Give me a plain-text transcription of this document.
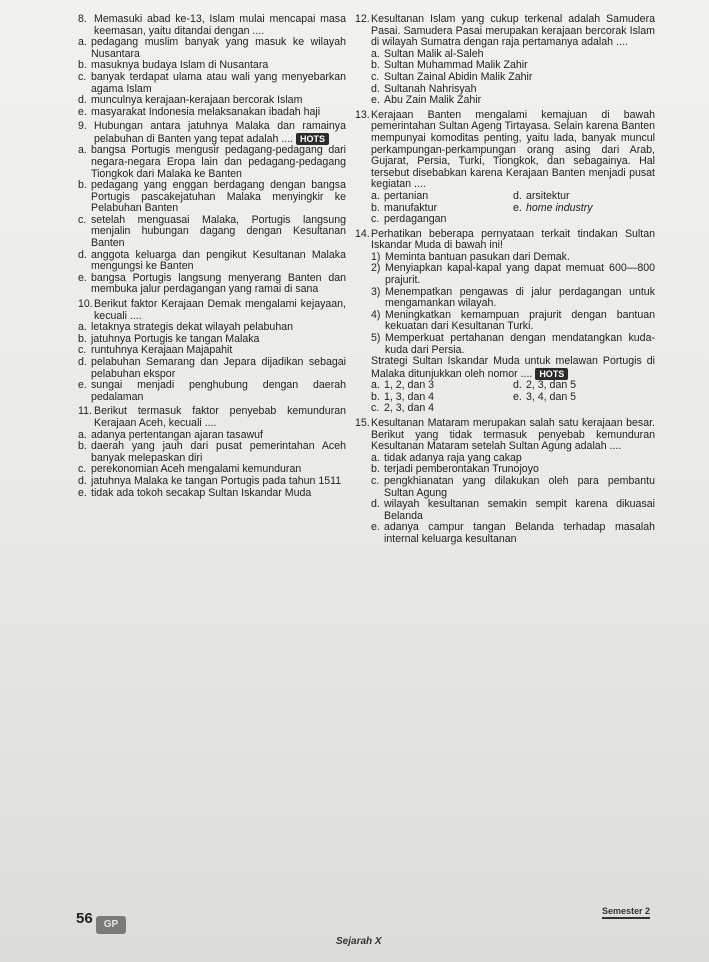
8. Memasuki abad ke-13, Islam mulai mencapai masa keemasan, yaitu ditandai dengan ....
a. pedagang muslim banyak yang masuk ke wilayah Nusantara
b. masuknya budaya Islam di Nusantara
c. banyak terdapat ulama atau wali yang menyebarkan agama Islam
d. munculnya kerajaan-kerajaan bercorak Islam
e. masyarakat Indonesia melaksanakan ibadah haji
9. Hubungan antara jatuhnya Malaka dan ramainya pelabuhan di Banten yang tepat adalah .... HOTS
a. bangsa Portugis mengusir pedagang-pedagang dari negara-negara Eropa lain dan pedagang-pedagang Tiongkok dari Malaka ke Banten
b. pedagang yang enggan berdagang dengan bangsa Portugis pascakejatuhan Malaka menyingkir ke Pelabuhan Banten
c. setelah menguasai Malaka, Portugis langsung menjalin hubungan dagang dengan Kesultanan Banten
d. anggota keluarga dan pengikut Kesultanan Malaka mengungsi ke Banten
e. bangsa Portugis langsung menyerang Banten dan membuka jalur perdagangan yang ramai di sana
10. Berikut faktor Kerajaan Demak mengalami kejayaan, kecuali ....
a. letaknya strategis dekat wilayah pelabuhan
b. jatuhnya Portugis ke tangan Malaka
c. runtuhnya Kerajaan Majapahit
d. pelabuhan Semarang dan Jepara dijadikan sebagai pelabuhan ekspor
e. sungai menjadi penghubung dengan daerah pedalaman
11. Berikut termasuk faktor penyebab kemunduran Kerajaan Aceh, kecuali ....
a. adanya pertentangan ajaran tasawuf
b. daerah yang jauh dari pusat pemerintahan Aceh banyak melepaskan diri
c. perekonomian Aceh mengalami kemunduran
d. jatuhnya Malaka ke tangan Portugis pada tahun 1511
e. tidak ada tokoh secakap Sultan Iskandar Muda
12. Kesultanan Islam yang cukup terkenal adalah Samudera Pasai. Samudera Pasai merupakan kerajaan bercorak Islam di wilayah Sumatra dengan raja pertamanya adalah ....
a. Sultan Malik al-Saleh
b. Sultan Muhammad Malik Zahir
c. Sultan Zainal Abidin Malik Zahir
d. Sultanah Nahrisyah
e. Abu Zain Malik Zahir
13. Kerajaan Banten mengalami kemajuan di bawah pemerintahan Sultan Ageng Tirtayasa. Selain karena Banten mempunyai komoditas penting, yaitu lada, banyak muncul perkampungan-perkampungan orang asing dari Arab, Gujarat, Persia, Turki, Tiongkok, dan sebagainya. Hal tersebut disebabkan karena Kerajaan Banten menjadi pusat kegiatan ....
a. pertanian	d. arsitektur
b. manufaktur	e. home industry
c. perdagangan
14. Perhatikan beberapa pernyataan terkait tindakan Sultan Iskandar Muda di bawah ini!
1) Meminta bantuan pasukan dari Demak.
2) Menyiapkan kapal-kapal yang dapat memuat 600—800 prajurit.
3) Menempatkan pengawas di jalur perdagangan untuk mengamankan wilayah.
4) Meningkatkan kemampuan prajurit dengan bantuan kekuatan dari Kesultanan Turki.
5) Memperkuat pertahanan dengan mendatangkan kuda-kuda dari Persia.
Strategi Sultan Iskandar Muda untuk melawan Portugis di Malaka ditunjukkan oleh nomor .... HOTS
a. 1, 2, dan 3	d. 2, 3, dan 5
b. 1, 3, dan 4	e. 3, 4, dan 5
c. 2, 3, dan 4
15. Kesultanan Mataram merupakan salah satu kerajaan besar. Berikut yang tidak termasuk penyebab kemunduran Kesultanan Mataram setelah Sultan Agung adalah ....
a. tidak adanya raja yang cakap
b. terjadi pemberontakan Trunojoyo
c. pengkhianatan yang dilakukan oleh para pembantu Sultan Agung
d. wilayah kesultanan semakin sempit karena dikuasai Belanda
e. adanya campur tangan Belanda terhadap masalah internal keluarga kesultanan
Semester 2
56	GP
Sejarah X
